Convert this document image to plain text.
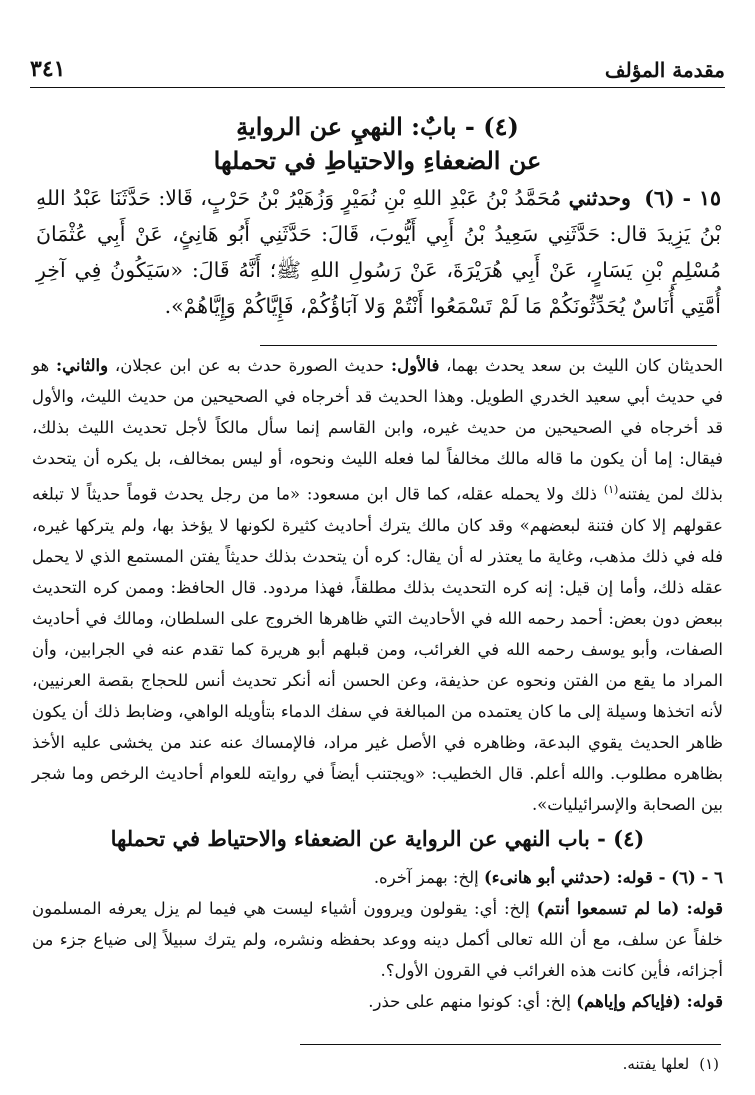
مقدمة المؤلف
٣٤١
(٤) - بابٌ: النهيِ عن الروايةِ
عن الضعفاءِ والاحتياطِ في تحملها
١٥ - (٦) وحدثني مُحَمَّدُ بْنُ عَبْدِ اللهِ بْنِ نُمَيْرٍ وَزُهَيْرُ بْنُ حَرْبٍ، قَالا: حَدَّثَنَا عَبْدُ اللهِ بْنُ يَزِيدَ قال: حَدَّثَنِي سَعِيدُ بْنُ أَبِي أَيُّوبَ، قَالَ: حَدَّثَنِي أَبُو هَانِئٍ، عَنْ أَبِي عُثْمَانَ مُسْلِمِ بْنِ يَسَارٍ، عَنْ أَبِي هُرَيْرَةَ، عَنْ رَسُولِ اللهِ ﷺ؛ أَنَّهُ قَالَ: «سَيَكُونُ فِي آخِرِ أُمَّتِي أُنَاسٌ يُحَدِّثُونَكُمْ مَا لَمْ تَسْمَعُوا أَنْتُمْ وَلا آبَاؤُكُمْ، فَإِيَّاكُمْ وَإِيَّاهُمْ».

الحديثان كان الليث بن سعد يحدث بهما، فالأول: حديث الصورة حدث به عن ابن عجلان، والثاني: هو في حديث أبي سعيد الخدري الطويل. وهذا الحديث قد أخرجاه في الصحيحين من حديث الليث، والأول قد أخرجاه في الصحيحين من حديث غيره، وابن القاسم إنما سأل مالكاً لأجل تحديث الليث بذلك، فيقال: إما أن يكون ما قاله مالك مخالفاً لما فعله الليث ونحوه، أو ليس بمخالف، بل يكره أن يتحدث بذلك لمن يفتنه$^{(١)}$ ذلك ولا يحمله عقله، كما قال ابن مسعود: «ما من رجل يحدث قوماً حديثاً لا تبلغه عقولهم إلا كان فتنة لبعضهم» وقد كان مالك يترك أحاديث كثيرة لكونها لا يؤخذ بها، ولم يتركها غيره، فله في ذلك مذهب، وغاية ما يعتذر له أن يقال: كره أن يتحدث بذلك حديثاً يفتن المستمع الذي لا يحمل عقله ذلك، وأما إن قيل: إنه كره التحديث بذلك مطلقاً، فهذا مردود. قال الحافظ: وممن كره التحديث ببعض دون بعض: أحمد رحمه الله في الأحاديث التي ظاهرها الخروج على السلطان، ومالك في أحاديث الصفات، وأبو يوسف رحمه الله في الغرائب، ومن قبلهم أبو هريرة كما تقدم عنه في الجرابين، وأن المراد ما يقع من الفتن ونحوه عن حذيفة، وعن الحسن أنه أنكر تحديث أنس للحجاج بقصة العرنيين، لأنه اتخذها وسيلة إلى ما كان يعتمده من المبالغة في سفك الدماء بتأويله الواهي، وضابط ذلك أن يكون ظاهر الحديث يقوي البدعة، وظاهره في الأصل غير مراد، فالإمساك عنه عند من يخشى عليه الأخذ بظاهره مطلوب. والله أعلم. قال الخطيب: «ويجتنب أيضاً في روايته للعوام أحاديث الرخص وما شجر بين الصحابة والإسرائيليات».

(٤) - باب النهي عن الرواية عن الضعفاء والاحتياط في تحملها

٦ - (٦) - قوله: (حدثني أبو هانىء) إلخ: بهمز آخره.

قوله: (ما لم تسمعوا أنتم) إلخ: أي: يقولون ويروون أشياء ليست هي فيما لم يزل يعرفه المسلمون خلفاً عن سلف، مع أن الله تعالى أكمل دينه ووعد بحفظه ونشره، ولم يترك سبيلاً إلى ضياع جزء من أجزائه، فأين كانت هذه الغرائب في القرون الأول؟.

قوله: (فإياكم وإياهم) إلخ: أي: كونوا منهم على حذر.

(١)لعلها يفتنه.
